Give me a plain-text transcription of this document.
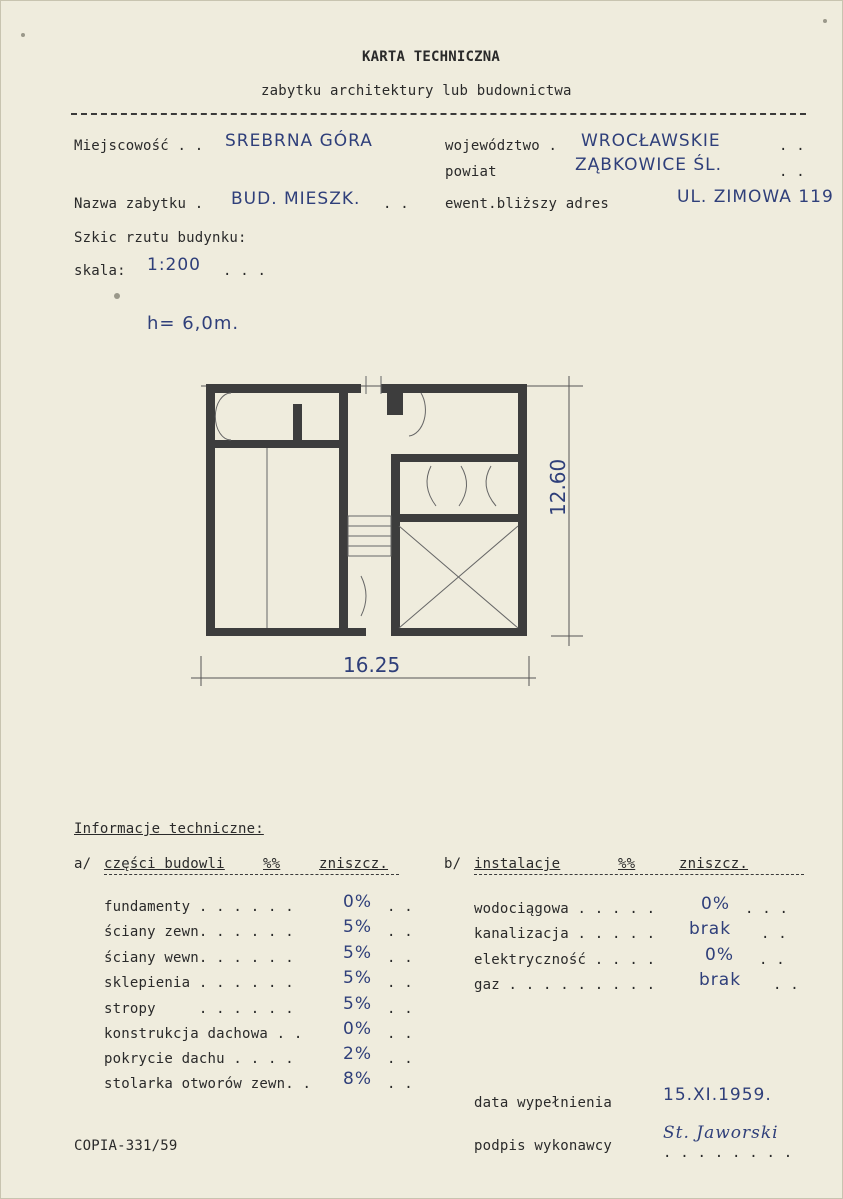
KARTA TECHNICZNA
zabytku architektury lub budownictwa
Miejscowość . . SREBRNA GÓRA	województwo . WROCŁAWSKIE	. .
powiat	ZĄBKOWICE ŚL.	. .
Nazwa zabytku . BUD. MIESZK. . .	ewent.bliższy adres	UL. ZIMOWA 119
Szkic rzutu budynku:
skala: 1:200 . . .
h= 6,0m.
16.25
12.60
Informacje techniczne:
a/ części budowli	%%	zniszcz.	b/ instalacje	%%	zniszcz.
fundamenty . . . . . .	0% . .
ściany zewn. . . . . .	5% . .
ściany wewn. . . . . .	5% . .
sklepienia . . . . . .	5% . .
stropy     . . . . . .	5% . .
konstrukcja dachowa . . 0% . .
pokrycie dachu . . . .	2% . .
stolarka otworów zewn. . 8% . .
wodociągowa . . . . .	0% . . .
kanalizacja . . . . . brak . .
elektryczność . . . .	0% . .
gaz . . . . . . . . .	brak . .
data wypełnienia	15.XI.1959.
COPIA-331/59	podpis wykonawcy
St. Jaworski
. . . . . . . .
